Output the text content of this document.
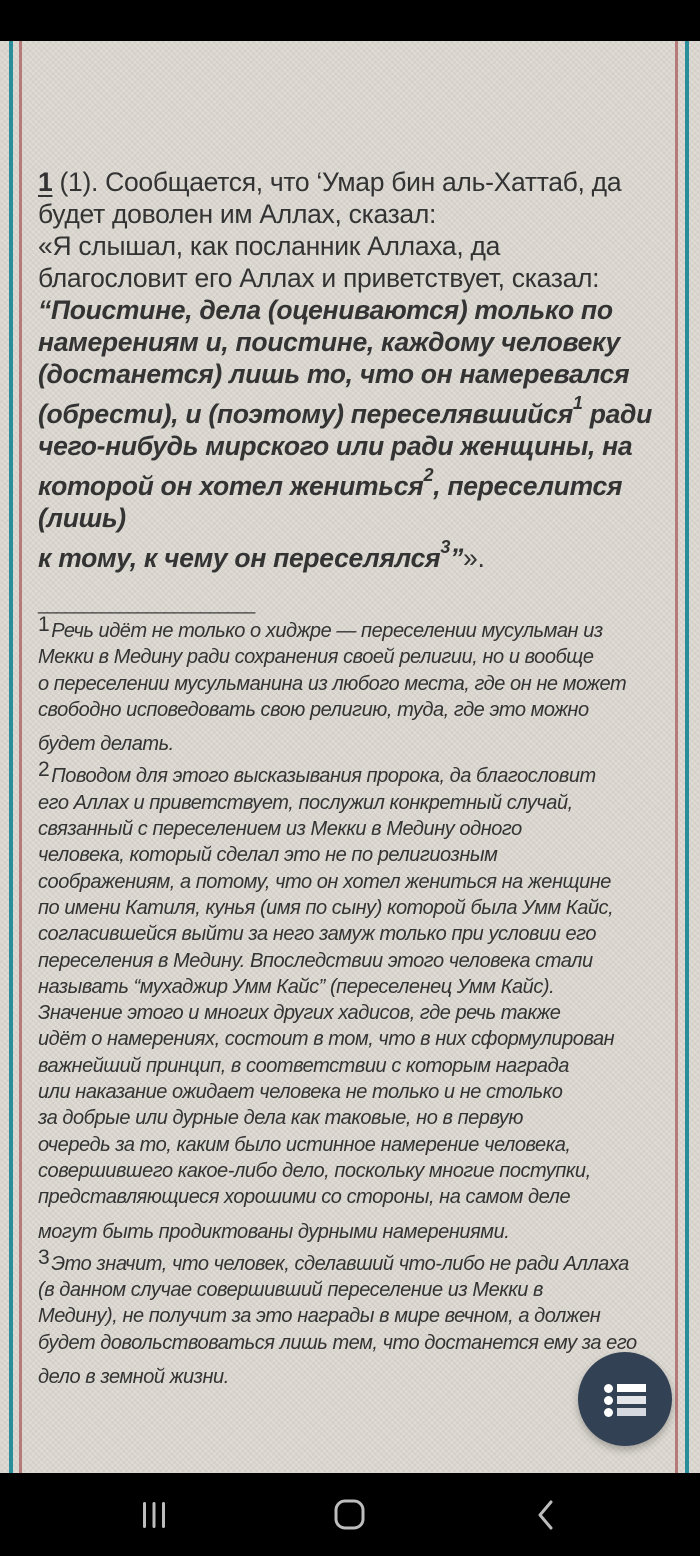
1 (1). Сообщается, что ‘Умар бин аль-Хаттаб, да
будет доволен им Аллах, сказал:
«Я слышал, как посланник Аллаха, да
благословит его Аллах и приветствует, сказал:
“Поистине, дела (оцениваются) только по
намерениям и, поистине, каждому человеку
(достанется) лишь то, что он намеревался
(обрести), и (поэтому) переселявшийся$^1$ ради
чего-нибудь мирского или ради женщины, на
которой он хотел жениться$^2$, переселится (лишь)
к тому, к чему он переселялся$^3$”».
________________________
1 Речь идёт не только о хиджре — переселении мусульман из
Мекки в Медину ради сохранения своей религии, но и вообще
о переселении мусульманина из любого места, где он не может
свободно исповедовать свою религию, туда, где это можно
будет делать.
2 Поводом для этого высказывания пророка, да благословит
его Аллах и приветствует, послужил конкретный случай,
связанный с переселением из Мекки в Медину одного
человека, который сделал это не по религиозным
соображениям, а потому, что он хотел жениться на женщине
по имени Катиля, кунья (имя по сыну) которой была Умм Кайс,
согласившейся выйти за него замуж только при условии его
переселения в Медину. Впоследствии этого человека стали
называть “мухаджир Умм Кайс” (переселенец Умм Кайс).
Значение этого и многих других хадисов, где речь также
идёт о намерениях, состоит в том, что в них сформулирован
важнейший принцип, в соответствии с которым награда
или наказание ожидает человека не только и не столько
за добрые или дурные дела как таковые, но в первую
очередь за то, каким было истинное намерение человека,
совершившего какое-либо дело, поскольку многие поступки,
представляющиеся хорошими со стороны, на самом деле
могут быть продиктованы дурными намерениями.
3 Это значит, что человек, сделавший что-либо не ради Аллаха
(в данном случае совершивший переселение из Мекки в
Медину), не получит за это награды в мире вечном, а должен
будет довольствоваться лишь тем, что достанется ему за его
дело в земной жизни.
